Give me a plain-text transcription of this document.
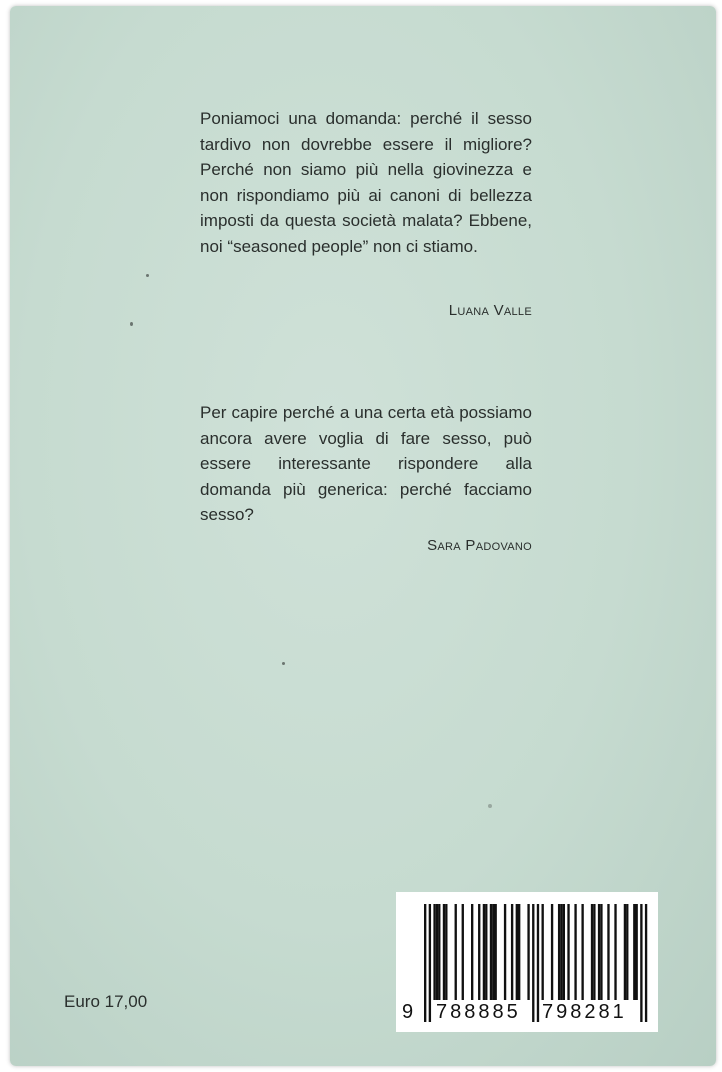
Poniamoci una domanda: perché il sesso tardivo non dovrebbe essere il migliore? Perché non siamo più nella giovinezza e non rispondiamo più ai canoni di bellezza imposti da questa società malata? Ebbene, noi “seasoned people” non ci stiamo.
Luana Valle
Per capire perché a una certa età possiamo ancora avere voglia di fare sesso, può essere interessante rispondere alla domanda più generica: perché facciamo sesso?
Sara Padovano
Euro 17,00	9 788885 798281
